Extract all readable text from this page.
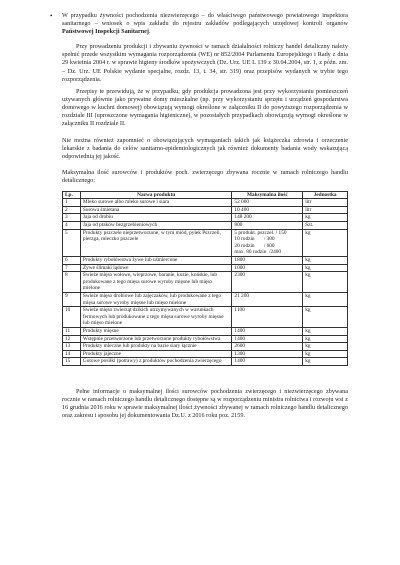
• W przypadku żywności pochodzenia niezwierzęcego – do właściwego państwowego powiatowego inspektora sanitarnego – wniosek o wpis zakładu do rejestru zakładów podlegających urzędowej kontroli organów Państwowej Inspekcji Sanitarnej.

Przy prowadzeniu produkcji i zbywaniu żywności w ramach działalności rolniczy handel detaliczny należy spełnić przede wszystkim wymagania rozporządzenia (WE) nr 852/2004 Parlamentu Europejskiego i Rady z dnia 29 kwietnia 2004 r. w sprawie higieny środków spożywczych (Dz. Urz. UE L 139 z 30.04.2004, str. 1, z późn. zm. – Dz. Urz. UE Polskie wydanie specjalne, rozdz. 13, t. 34, str. 319) oraz przepisów wydanych w trybie tego rozporządzenia.

Przepisy te przewidują, że w przypadku, gdy produkcja prowadzona jest przy wykorzystaniu pomieszczeń używanych głównie jako prywatne domy mieszkalne (np. przy wykorzystaniu sprzętu i urządzeń gospodarstwa domowego w kuchni domowej) obowiązują wymogi określone w załączniku II do powyższego rozporządzenia w rozdziale III (uproszczone wymagania higieniczne), w pozostałych przypadkach obowiązują wymogi określone w załączniku II rozdziale II.

Nie można również zapomnieć o obowiązujących wymaganiach takich jak książeczka zdrowia i orzeczenie lekarskie z badania do celów sanitarno-epidemiologicznych jak również dokumenty badania wody wskazującą odpowiednią jej jakość.

Maksymalna ilość surowców i produktów poch. zwierzęcego zbywana rocznie w ramach rolniczego handlu detalicznego:

Lp.	Nazwa produktu	Maksymalna ilość	Jednostka
1	Mleko surowe albo mleko surowe i siara	52 000	litr
2	Surowa śmietana	10 400	litr
3	Jaja od drobiu	148 200	kg
4	Jaja od ptaków bezgrzebieniowych	800	Szt.
5	Produkty pszczele nieprzetworzone, w tym miód, pyłek Pszczeli, pierzga, mleczko pszczele	5 produkt. pszczel. / 150
10 rodzin       / 300
20 rodzin       / 600
max. 80 rodzin  /2400	kg
6	Produkty rybołówstwa żywe lub uśmiercone	1800	kg
7	Żywe ślimaki lądowe	1000	kg
8	Świeże mięso wołowe, wieprzowe, baranie, kozie, końskie, lub produkowane z tego mięsa surowe wyroby mięsne lub mięso mielone	2300	kg
9	Świeże mięso drobiowe lub zajęczaków, lub produkowane z tego mięsa surowe wyroby mięsne lub mięso mielone	21 200	kg
10	Świeże mięso zwierząt dzikich utrzymywanych w warunkach fermowych lub produkowane z tego mięsa surowe wyroby mięsne lub mięso mielone	1100	kg
11	Produkty mięsne	1400	kg
12	Wstępnie przetworzone lub przetworzone produkty rybołówstwa	1400	kg
13	Produkty mleczne lub produkty na bazie siary łącznie	2600	kg
14	Produkty jajeczne	1300	kg
15	Gotowe posiłki (potrawy) z produktów pochodzenia zwierzęcego	1400	kg

Pełne informacje o maksymalnej ilości surowców pochodzenia zwierzęcego i niezwierzęcego zbywana rocznie w ramach rolniczego handlu detalicznego dostępne są w rozporządzeniu ministra rolnictwa i rozwoju wsi z 16 grudnia 2016 roku w sprawie maksymalnej ilości żywności zbywanej w ramach rolniczego handlu detalicznego oraz zakresu i sposobu jej dokumentowania Dz.U. z 2016 roku poz. 2159.
